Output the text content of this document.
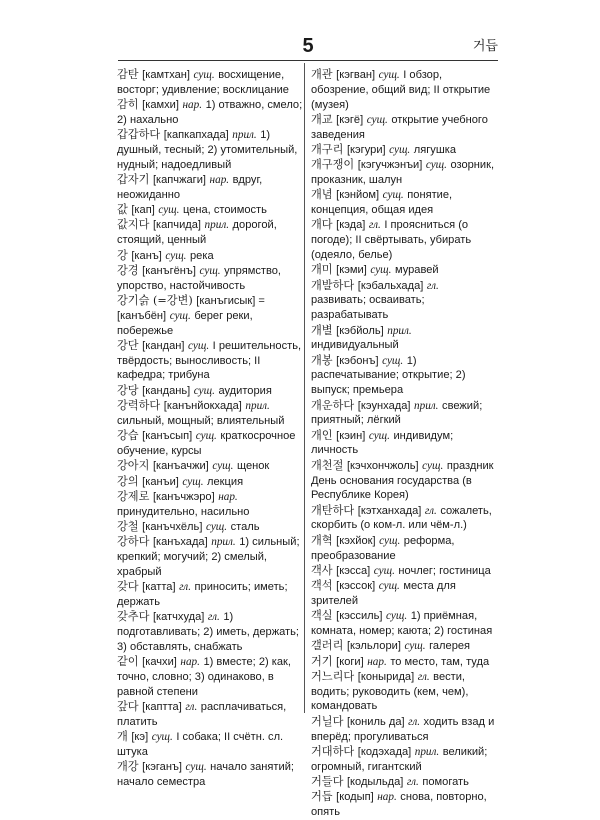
5	거듭
감탄 [камтхан] сущ. восхищение, восторг; удивление; восклицание
감히 [камхи] нар. 1) отважно, смело; 2) нахально
갑갑하다 [капкапхада] прил. 1) душный, тесный; 2) утомительный, нудный; надоедливый
갑자기 [капчжаги] нар. вдруг, неожиданно
값 [кап] сущ. цена, стоимость
값지다 [капчида] прил. дорогой, стоящий, ценный
강 [канъ] сущ. река
강경 [канъгёнъ] сущ. упрямство, упорство, настойчивость
강기슭 (=강변) [канъгисык] = [канъбён] сущ. берег реки, побережье
강단 [кандан] сущ. I решительность, твёрдость; выносливость; II кафедра; трибуна
강당 [кандань] сущ. аудитория
강력하다 [канънйокхада] прил. сильный, мощный; влиятельный
강습 [канъсып] сущ. краткосрочное обучение, курсы
강아지 [канъачжи] сущ. щенок
강의 [канъи] сущ. лекция
강제로 [канъчжэро] нар. принудительно, насильно
강철 [канъчхёль] сущ. сталь
강하다 [канъхада] прил. 1) сильный; крепкий; могучий; 2) смелый, храбрый
갖다 [катта] гл. приносить; иметь; держать
갖추다 [катчхуда] гл. 1) подготавливать; 2) иметь, держать; 3) обставлять, снабжать
같이 [качхи] нар. 1) вместе; 2) как, точно, словно; 3) одинаково, в равной степени
갚다 [каптта] гл. расплачиваться, платить
개 [кэ] сущ. I собака; II счётн. сл. штука
개강 [кэганъ] сущ. начало занятий; начало семестра
개관 [кэгван] сущ. I обзор, обозрение, общий вид; II открытие (музея)
개교 [кэгё] сущ. открытие учебного заведения
개구리 [кэгури] сущ. лягушка
개구쟁이 [кэгучжэнъи] сущ. озорник, проказник, шалун
개념 [кэнйом] сущ. понятие, концепция, общая идея
개다 [кэда] гл. I проясниться (о погоде); II свёртывать, убирать (одеяло, белье)
개미 [кэми] сущ. муравей
개발하다 [кэбальхада] гл. развивать; осваивать; разрабатывать
개별 [кэбйоль] прил. индивидуальный
개봉 [кэбонъ] сущ. 1) распечатывание; открытие; 2) выпуск; премьера
개운하다 [кэунхада] прил. свежий; приятный; лёгкий
개인 [кэин] сущ. индивидум; личность
개천절 [кэчхончжоль] сущ. праздник День основания государства (в Республике Корея)
개탄하다 [кэтханхада] гл. сожалеть, скорбить (о ком-л. или чём-л.)
개혁 [кэхйок] сущ. реформа, преобразование
객사 [кэсса] сущ. ночлег; гостиница
객석 [кэссок] сущ. места для зрителей
객실 [кэссиль] сущ. 1) приёмная, комната, номер; каюта; 2) гостиная
갤러리 [кэльлори] сущ. галерея
거기 [коги] нар. то место, там, туда
거느리다 [конырида] гл. вести, водить; руководить (кем, чем), командовать
거닐다 [кониль да] гл. ходить взад и вперёд; прогуливаться
거대하다 [кодэхада] прил. великий; огромный, гигантский
거들다 [кодыльда] гл. помогать
거듭 [кодып] нар. снова, повторно, опять
